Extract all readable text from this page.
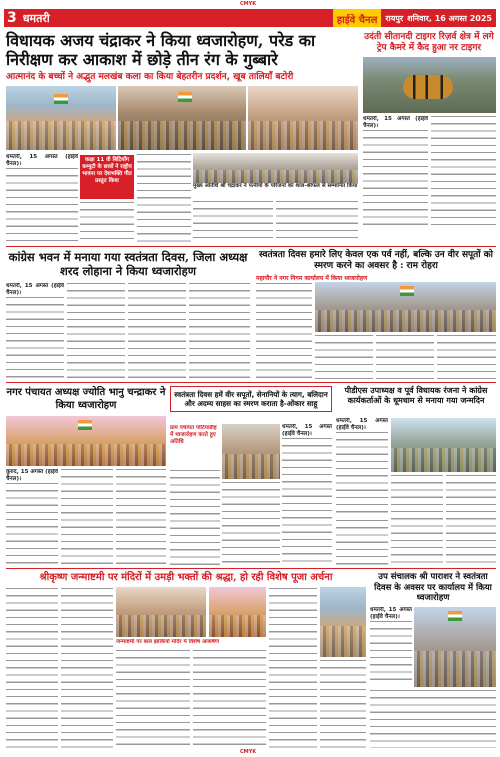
CMYK
3 धमतरी	हाईवे चैनल	रायपुर शनिवार, 16 अगस्त 2025
विधायक अजय चंद्राकर ने किया ध्वजारोहण, परेड का निरीक्षण कर आकाश में छोड़े तीन रंग के गुब्बारे
आत्मानंद के बच्चों ने अद्भुत मलखंब कला का किया बेहतरीन प्रदर्शन, खूब तालियाँ बटोरी
उदंती सीतानदी टाइगर रिज़र्व क्षेत्र में लगे ट्रेप कैमरे में कैद हुआ नर टाइगर
धमतरी, 15 अगस्त (हाईवे चैनल)।
कक्षा 11 वी बिटियाँग कम्युटी के छात्रों ने राष्ट्रीय भावना पर देशभक्ति गीत प्रस्तुत किया
मुख्य अतिथि श्री चंद्राकर ने पत्नीयों के परिजनों को शाल-श्रीफल से सम्मानित किया
धमतरी, 15 अगस्त (हाईवे चैनल)।
कांग्रेस भवन में मनाया गया स्वतंत्रता दिवस, जिला अध्यक्ष शरद लोहाना ने किया ध्वजारोहण
धमतरी, 15 अगस्त (हाईवे चैनल)।
स्वतंत्रता दिवस हमारे लिए केवल एक पर्व नहीं, बल्कि उन वीर सपूतों को स्मरण करने का अवसर है : राम रोहरा
महापौर ने नगर निगम कार्यालय में किया ध्वजारोहण
नगर पंचायत अध्यक्ष ज्योति भानु चन्द्राकर ने किया ध्वजारोहण
कुरुद, 15 अगस्त (हाईवे चैनल)।
स्वतंत्रता दिवस हमें वीर सपूतों, सेनानियों के त्याग, बलिदान और अदम्य साहस का स्मरण कराता है-ओंकार साहू
ग्राम पंचायत पोटियाडीह में ध्वजारोहण करते हुए अतिथि
धमतरी, 15 अगस्त (हाईवे चैनल)।
पीडीएस उपाध्यक्ष व पूर्व विधायक रंजना ने कांग्रेस कार्यकर्ताओं के धूमधाम से मनाया गया जन्मदिन
धमतरी, 15 अगस्त (हाईवे चैनल)।
श्रीकृष्ण जन्माष्टमी पर मंदिरों में उमड़ी भक्तों की श्रद्धा, हो रही विशेष पूजा अर्चना
जन्माष्टमी पर बाल झांकियाँ मंदिर में विशेष आकर्षण
उप संचालक श्री पाराशर ने स्वतंत्रता दिवस के अवसर पर कार्यालय में किया ध्वजारोहण
धमतरी, 15 अगस्त (हाईवे चैनल)।
CMYK
